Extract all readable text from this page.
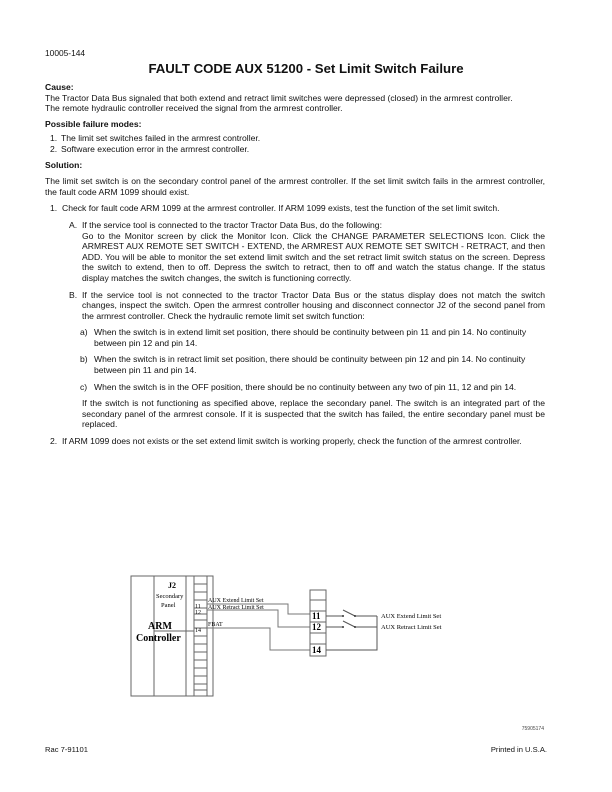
10005-144
FAULT CODE AUX 51200 - Set Limit Switch Failure
Cause:

The Tractor Data Bus signaled that both extend and retract limit switches were depressed (closed) in the armrest controller.

The remote hydraulic controller received the signal from the armrest controller.

Possible failure modes:
1. The limit set switches failed in the armrest controller.
2. Software execution error in the armrest controller.
Solution:

The limit set switch is on the secondary control panel of the armrest controller. If the set limit switch fails in the armrest controller, the fault code ARM 1099 should exist.

1. Check for fault code ARM 1099 at the armrest controller. If ARM 1099 exists, test the function of the set limit switch.

A. If the service tool is connected to the tractor Tractor Data Bus, do the following:

Go to the Monitor screen by click the Monitor Icon. Click the CHANGE PARAMETER SELECTIONS Icon. Click the ARMREST AUX REMOTE SET SWITCH - EXTEND, the ARMREST AUX REMOTE SET SWITCH - RETRACT, and then ADD. You will be able to monitor the set extend limit switch and the set retract limit switch status on the screen. Depress the switch to extend, then to off. Depress the switch to retract, then to off and watch the status change. If the status display matches the switch changes, the switch is functioning correctly.

B. If the service tool is not connected to the tractor Tractor Data Bus or the status display does not match the switch changes, inspect the switch. Open the armrest controller housing and disconnect connector J2 of the second panel from the armrest controller. Check the hydraulic remote limit set switch function:

a) When the switch is in extend limit set position, there should be continuity between pin 11 and pin 14. No continuity between pin 12 and pin 14.
b) When the switch is in retract limit set position, there should be continuity between pin 12 and pin 14. No continuity between pin 11 and pin 14.
c) When the switch is in the OFF position, there should be no continuity between any two of pin 11, 12 and pin 14.

If the switch is not functioning as specified above, replace the secondary panel. The switch is an integrated part of the secondary panel of the armrest console. If it is suspected that the switch has failed, the entire secondary panel must be replaced.

2. If ARM 1099 does not exists or the set extend limit switch is working properly, check the function of the armrest controller.

J2
Secondary
Panel
ARM
Controller
11
12
14
AUX Extend Limit Set
AUX Retract Limit Set
FBAT
11
12
14
AUX Extend Limit Set
AUX Retract Limit Set
75905174
Rac 7-91101	Printed in U.S.A.
